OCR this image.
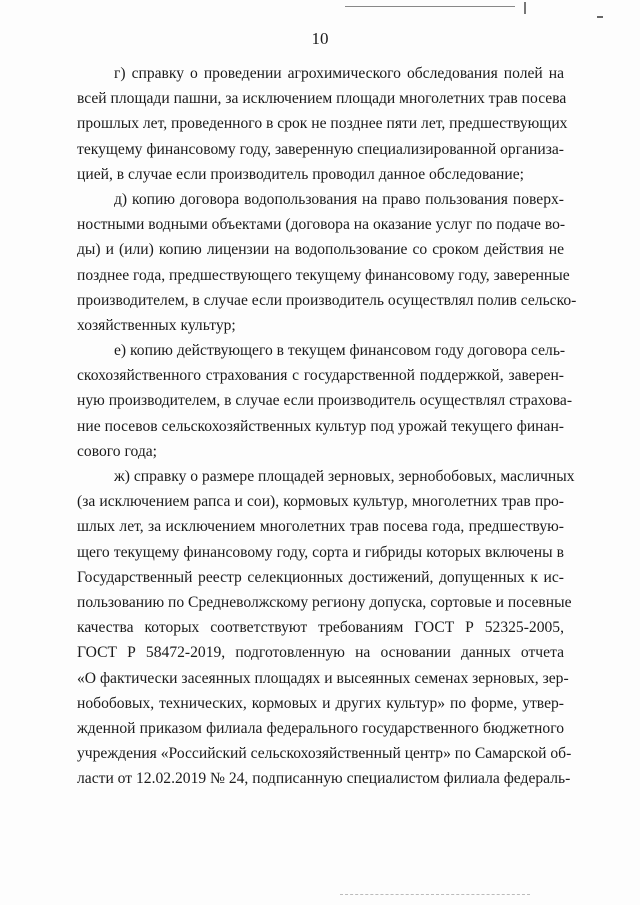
10
г) справку о проведении агрохимического обследования полей на
всей площади пашни, за исключением площади многолетних трав посева
прошлых лет, проведенного в срок не позднее пяти лет, предшествующих
текущему финансовому году, заверенную специализированной организа-
цией, в случае если производитель проводил данное обследование;
д) копию договора водопользования на право пользования поверх-
ностными водными объектами (договора на оказание услуг по подаче во-
ды) и (или) копию лицензии на водопользование со сроком действия не
позднее года, предшествующего текущему финансовому году, заверенные
производителем, в случае если производитель осуществлял полив сельско-
хозяйственных культур;
е) копию действующего в текущем финансовом году договора сель-
скохозяйственного страхования с государственной поддержкой, заверен-
ную производителем, в случае если производитель осуществлял страхова-
ние посевов сельскохозяйственных культур под урожай текущего финан-
сового года;
ж) справку о размере площадей зерновых, зернобобовых, масличных
(за исключением рапса и сои), кормовых культур, многолетних трав про-
шлых лет, за исключением многолетних трав посева года, предшествую-
щего текущему финансовому году, сорта и гибриды которых включены в
Государственный реестр селекционных достижений, допущенных к ис-
пользованию по Средневолжскому региону допуска, сортовые и посевные
качества которых соответствуют требованиям ГОСТ Р 52325-2005,
ГОСТ Р 58472-2019, подготовленную на основании данных отчета
«О фактически засеянных площадях и высеянных семенах зерновых, зер-
нобобовых, технических, кормовых и других культур» по форме, утвер-
жденной приказом филиала федерального государственного бюджетного
учреждения «Российский сельскохозяйственный центр» по Самарской об-
ласти от 12.02.2019 № 24, подписанную специалистом филиала федераль-
